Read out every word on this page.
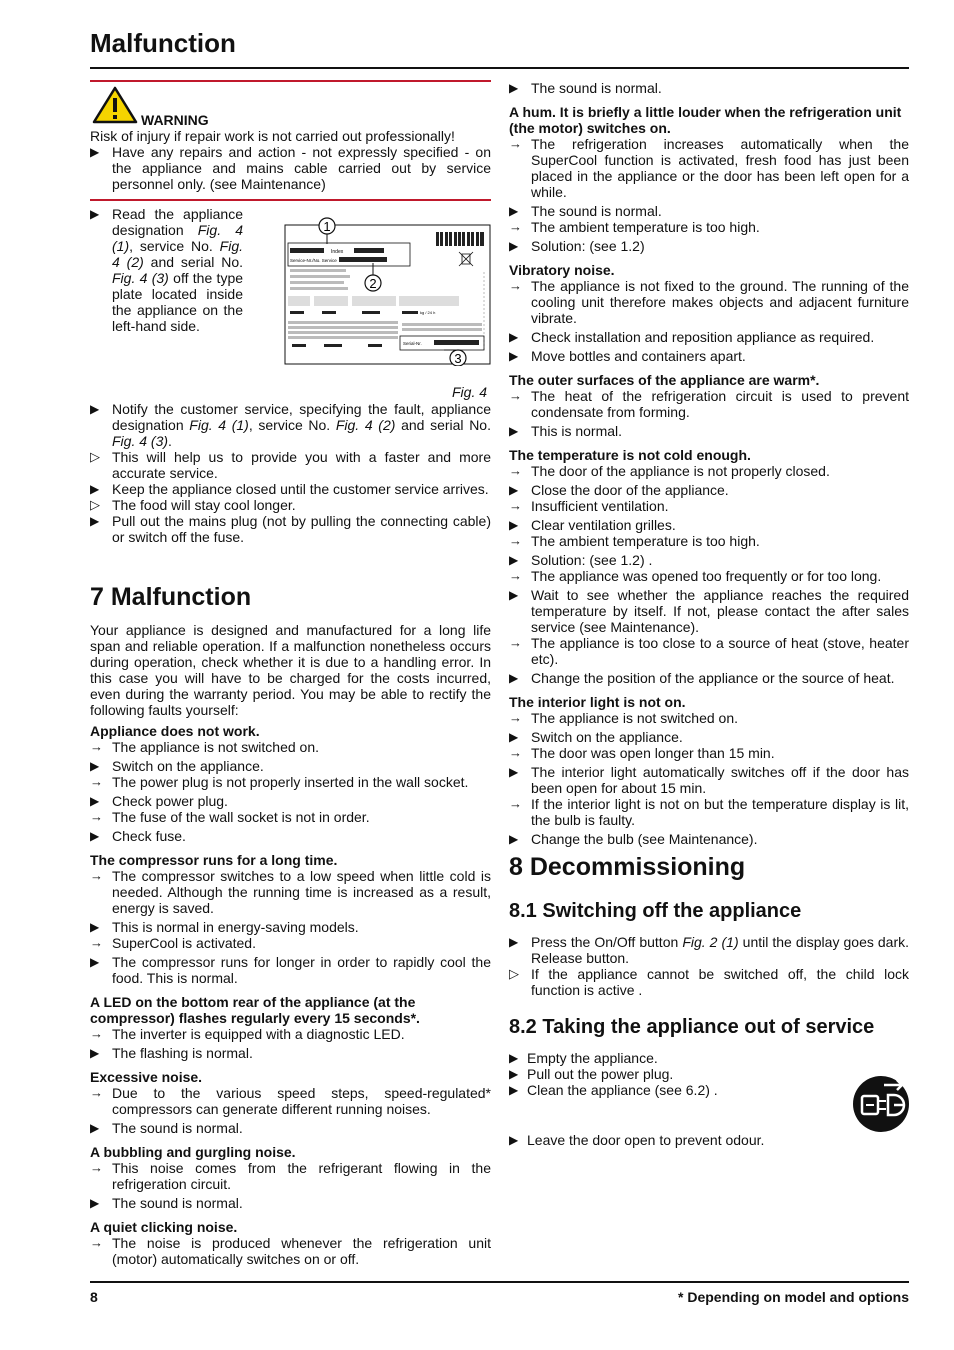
Malfunction
WARNING

Risk of injury if repair work is not carried out professionally!

▶ Have any repairs and action - not expressly specified - on the appliance and mains cable carried out by service personnel only. (see Maintenance)

▶ Read the appliance designation Fig. 4 (1), service No. Fig. 4 (2) and serial No. Fig. 4 (3) off the type plate located inside the appliance on the left-hand side.

Index
Service-Nr./No. Service
kg / 24 h
Serial-Nr.
1
2
3
Fig. 4

▶ Notify the customer service, specifying the fault, appliance designation Fig. 4 (1), service No. Fig. 4 (2) and serial No. Fig. 4 (3).

▷ This will help us to provide you with a faster and more accurate service.

▶ Keep the appliance closed until the customer service arrives.

▷ The food will stay cool longer.

▶ Pull out the mains plug (not by pulling the connecting cable) or switch off the fuse.

7 Malfunction

Your appliance is designed and manufactured for a long life span and reliable operation. If a malfunction nonetheless occurs during operation, check whether it is due to a handling error. In this case you will have to be charged for the costs incurred, even during the warranty period. You may be able to rectify the following faults yourself:

Appliance does not work.

→ The appliance is not switched on.

▶ Switch on the appliance.

→ The power plug is not properly inserted in the wall socket.

▶ Check power plug.

→ The fuse of the wall socket is not in order.

▶ Check fuse.

The compressor runs for a long time.

→ The compressor switches to a low speed when little cold is needed. Although the running time is increased as a result, energy is saved.

▶ This is normal in energy-saving models.

→ SuperCool is activated.

▶ The compressor runs for longer in order to rapidly cool the food. This is normal.

A LED on the bottom rear of the appliance (at the compressor) flashes regularly every 15 seconds*.

→ The inverter is equipped with a diagnostic LED.

▶ The flashing is normal.

Excessive noise.

→ Due to the various speed steps, speed-regulated* compressors can generate different running noises.

▶ The sound is normal.

A bubbling and gurgling noise.

→ This noise comes from the refrigerant flowing in the refrigeration circuit.

▶ The sound is normal.

A quiet clicking noise.

→ The noise is produced whenever the refrigeration unit (motor) automatically switches on or off.

▶ The sound is normal.

A hum. It is briefly a little louder when the refrigeration unit (the motor) switches on.

→ The refrigeration increases automatically when the SuperCool function is activated, fresh food has just been placed in the appliance or the door has been left open for a while.

▶ The sound is normal.

→ The ambient temperature is too high.

▶ Solution: (see 1.2)

Vibratory noise.

→ The appliance is not fixed to the ground. The running of the cooling unit therefore makes objects and adjacent furniture vibrate.

▶ Check installation and reposition appliance as required.

▶ Move bottles and containers apart.

The outer surfaces of the appliance are warm*.

→ The heat of the refrigeration circuit is used to prevent condensate from forming.

▶ This is normal.

The temperature is not cold enough.

→ The door of the appliance is not properly closed.

▶ Close the door of the appliance.

→ Insufficient ventilation.

▶ Clear ventilation grilles.

→ The ambient temperature is too high.

▶ Solution: (see 1.2) .

→ The appliance was opened too frequently or for too long.

▶ Wait to see whether the appliance reaches the required temperature by itself. If not, please contact the after sales service (see Maintenance).

→ The appliance is too close to a source of heat (stove, heater etc).

▶ Change the position of the appliance or the source of heat.

The interior light is not on.

→ The appliance is not switched on.

▶ Switch on the appliance.

→ The door was open longer than 15 min.

▶ The interior light automatically switches off if the door has been open for about 15 min.

→ If the interior light is not on but the temperature display is lit, the bulb is faulty.

▶ Change the bulb (see Maintenance).

8 Decommissioning
8.1 Switching off the appliance

▶ Press the On/Off button Fig. 2 (1) until the display goes dark. Release button.

▷ If the appliance cannot be switched off, the child lock function is active .

8.2 Taking the appliance out of service

▶ Empty the appliance.

▶ Pull out the power plug.

▶ Clean the appliance (see 6.2) .

▶ Leave the door open to prevent odour.

8	* Depending on model and options
